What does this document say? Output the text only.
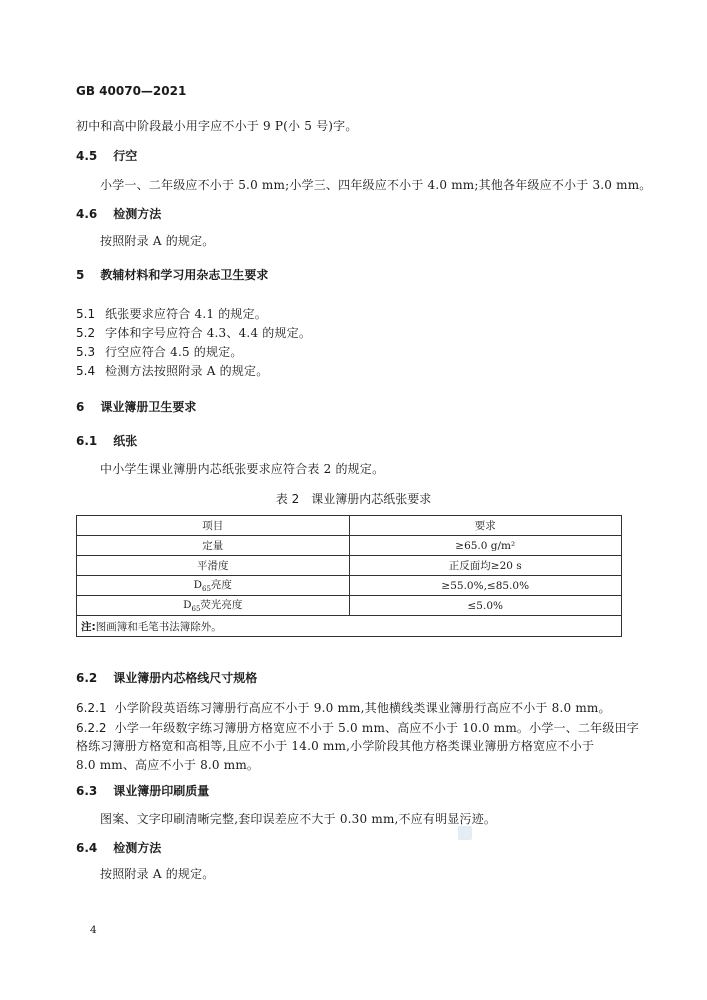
GB 40070—2021
初中和高中阶段最小用字应不小于 9 P(小 5 号)字。
4.5 行空
小学一、二年级应不小于 5.0 mm;小学三、四年级应不小于 4.0 mm;其他各年级应不小于 3.0 mm。
4.6 检测方法
按照附录 A 的规定。
5 教辅材料和学习用杂志卫生要求
5.1 纸张要求应符合 4.1 的规定。
5.2 字体和字号应符合 4.3、4.4 的规定。
5.3 行空应符合 4.5 的规定。
5.4 检测方法按照附录 A 的规定。
6 课业簿册卫生要求
6.1 纸张
中小学生课业簿册内芯纸张要求应符合表 2 的规定。
表 2　课业簿册内芯纸张要求
项目	要求
定量	≥65.0 g/m²
平滑度	正反面均≥20 s
$D_{65}$亮度	≥55.0%,≤85.0%
$D_{65}$荧光亮度	≤5.0%
注:图画簿和毛笔书法簿除外。	
6.2 课业簿册内芯格线尺寸规格
6.2.1 小学阶段英语练习簿册行高应不小于 9.0 mm,其他横线类课业簿册行高应不小于 8.0 mm。
6.2.2 小学一年级数字练习簿册方格宽应不小于 5.0 mm、高应不小于 10.0 mm。小学一、二年级田字
格练习簿册方格宽和高相等,且应不小于 14.0 mm,小学阶段其他方格类课业簿册方格宽应不小于
8.0 mm、高应不小于 8.0 mm。
6.3 课业簿册印刷质量
图案、文字印刷清晰完整,套印误差应不大于 0.30 mm,不应有明显污迹。
6.4 检测方法
按照附录 A 的规定。
4
